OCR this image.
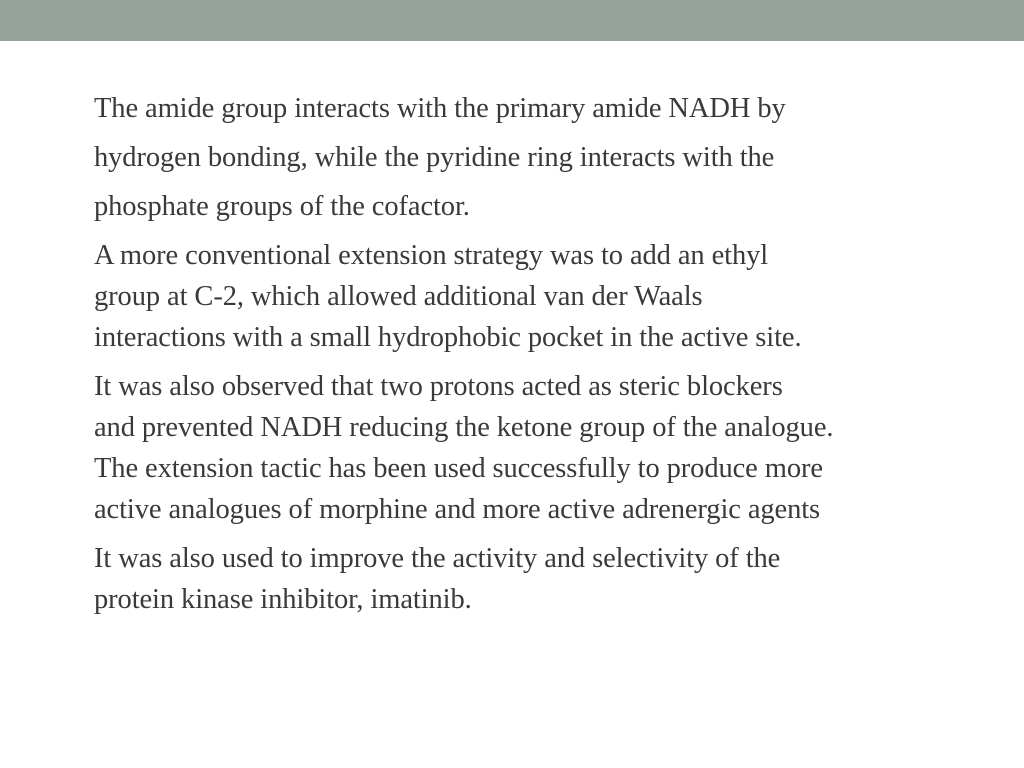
The amide group interacts with the primary amide NADH by
hydrogen bonding, while the pyridine ring interacts with the
phosphate groups of the cofactor.

A more conventional extension strategy was to add an ethyl
group at C-2, which allowed additional van der Waals
interactions with a small hydrophobic pocket in the active site.

It was also observed that two protons acted as steric blockers
and prevented NADH reducing the ketone group of the analogue.
The extension tactic has been used successfully to produce more
active analogues of morphine and more active adrenergic agents

It was also used to improve the activity and selectivity of the
protein kinase inhibitor, imatinib.
